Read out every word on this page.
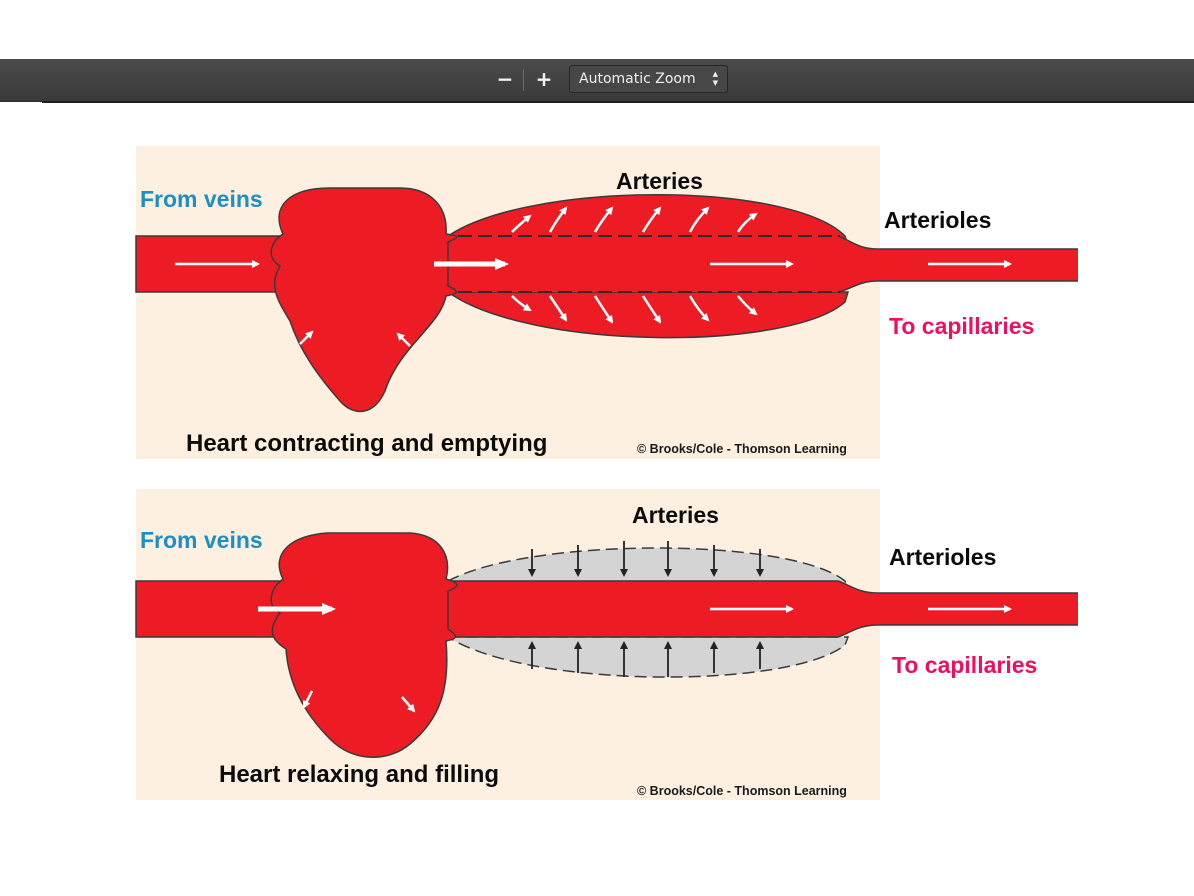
− +	Automatic Zoom ▲
▼
From veins
Arteries
Arterioles
To capillaries
Heart contracting and emptying	© Brooks/Cole - Thomson Learning
From veins
Arteries
Arterioles
To capillaries
Heart relaxing and filling
© Brooks/Cole - Thomson Learning
